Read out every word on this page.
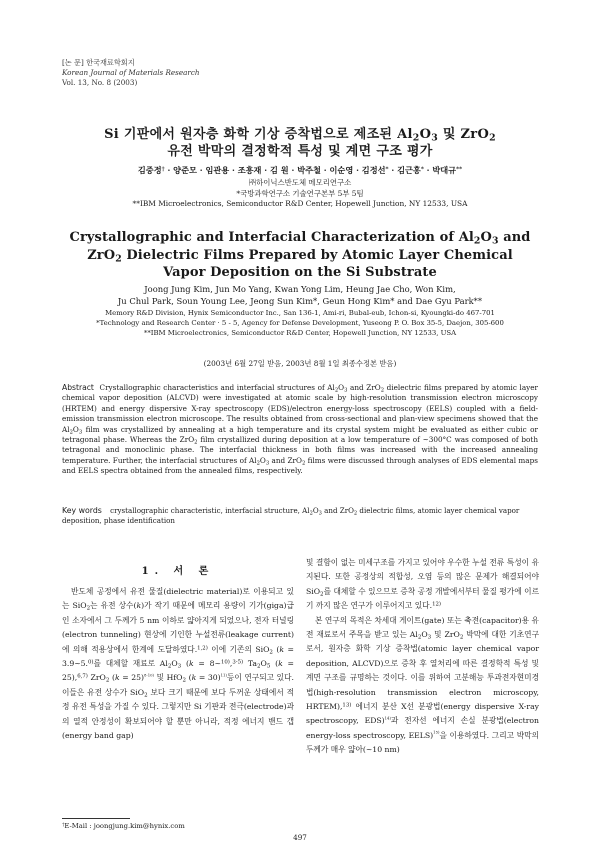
[논 문] 한국재료학회지
Korean Journal of Materials Research
Vol. 13, No. 8 (2003)
Si 기판에서 원자층 화학 기상 증착법으로 제조된 $Al_2O_3$ 및 ZrO$_2$
유전 박막의 결정학적 특성 및 계면 구조 평가
김중정† · 양준모 · 임관용 · 조흥재 · 김 원 · 박주철 · 이순영 · 김정선* · 김근홍* · 박대규**
㈜하이닉스반도체 메모리연구소
*국방과학연구소 기술연구본부 5부 5팀
**IBM Microelectronics, Semiconductor R&D Center, Hopewell Junction, NY 12533, USA
Crystallographic and Interfacial Characterization of $Al_2O_3$ and
ZrO$_2$ Dielectric Films Prepared by Atomic Layer Chemical
Vapor Deposition on the Si Substrate
Joong Jung Kim, Jun Mo Yang, Kwan Yong Lim, Heung Jae Cho, Won Kim,
Ju Chul Park, Soun Young Lee, Jeong Sun Kim*, Geun Hong Kim* and Dae Gyu Park**
Memory R&D Division, Hynix Semiconductor Inc., San 136-1, Ami-ri, Bubal-eub, Ichon-si, Kyoungki-do 467-701
*Technology and Research Center · 5 - 5, Agency for Defense Development, Yuseong P. O. Box 35-5, Daejon, 305-600
**IBM Microelectronics, Semiconductor R&D Center, Hopewell Junction, NY 12533, USA
(2003년 6월 27일 받음, 2003년 8월 1일 최종수정본 받음)
Abstract Crystallographic characteristics and interfacial structures of $Al_2O_3$ and ZrO$_2$ dielectric films prepared by atomic layer chemical vapor deposition (ALCVD) were investigated at atomic scale by high-resolution transmission electron microscopy (HRTEM) and energy dispersive X-ray spectroscopy (EDS)/electron energy-loss spectroscopy (EELS) coupled with a field-emission transmission electron microscope. The results obtained from cross-sectional and plan-view specimens showed that the $Al_2O_3$ film was crystallized by annealing at a high temperature and its crystal system might be evaluated as either cubic or tetragonal phase. Whereas the ZrO$_2$ film crystallized during deposition at a low temperature of ~300°C was composed of both tetragonal and monoclinic phase. The interfacial thickness in both films was increased with the increased annealing temperature. Further, the interfacial structures of $Al_2O_3$ and ZrO$_2$ films were discussed through analyses of EDS elemental maps and EELS spectra obtained from the annealed films, respectively.
Key words crystallographic characteristic, interfacial structure, $Al_2O_3$ and ZrO$_2$ dielectric films, atomic layer chemical vapor deposition, phase identification
1. 서 론

반도체 공정에서 유전 물질(dielectric material)로 이용되고 있는 SiO$_2$는 유전 상수(k)가 작기 때문에 메모리 용량이 기가(giga)급인 소자에서 그 두께가 5 nm 이하로 얇아지게 되었으나, 전자 터널링(electron tunneling) 현상에 기인한 누설전류(leakage current)에 의해 적용상에서 한계에 도달하였다.$^{1,2)}$ 이에 기존의 SiO$_2$ (k = 3.9~5.$^{0)}$를 대체할 재료로 $Al_2O_3$ (k = 8~$^{10)}$,$^{3-5)}$ $Ta_2O_5$ (k = 25),$^{6,7)}$ ZrO$_2$ (k = 25)$^{^{8-10)}}$ 및 HfO$_2$ (k = 30)$^{^{11)}}$등이 연구되고 있다. 이들은 유전 상수가 SiO$_2$ 보다 크기 때문에 보다 두꺼운 상태에서 적정 유전 특성을 가질 수 있다. 그렇지만 Si 기판과 전극(electrode)과의 열적 안정성이 확보되어야 할 뿐만 아니라, 적정 에너지 밴드 갭(energy band gap)

및 결함이 없는 미세구조를 가지고 있어야 우수한 누설 전류 특성이 유지된다. 또한 공정상의 적합성, 오염 등의 많은 문제가 해결되어야 SiO$_2$를 대체할 수 있으므로 증착 공정 개발에서부터 물질 평가에 이르기 까지 많은 연구가 이루어지고 있다.$^{12)}$

본 연구의 목적은 차세대 게이트(gate) 또는 축전(capacitor)용 유전 재료로서 주목을 받고 있는 $Al_2O_3$ 및 ZrO$_2$ 박막에 대한 기초연구로서, 원자층 화학 기상 증착법(atomic layer chemical vapor deposition, ALCVD)으로 증착 후 열처리에 따른 결정학적 특성 및 계면 구조를 규명하는 것이다. 이를 위하여 고분해능 투과전자현미경법(high-resolution transmission electron microscopy, HRTEM),$^{13)}$ 에너지 분산 X선 분광법(energy dispersive X-ray spectroscopy, EDS)$^{^{14)}}$과 전자선 에너지 손실 분광법(electron energy-loss spectroscopy, EELS)$^{^{15)}}$을 이용하였다. 그리고 박막의 두께가 매우 얇아(~10 nm)

†E-Mail : joongjung.kim@hynix.com
497
